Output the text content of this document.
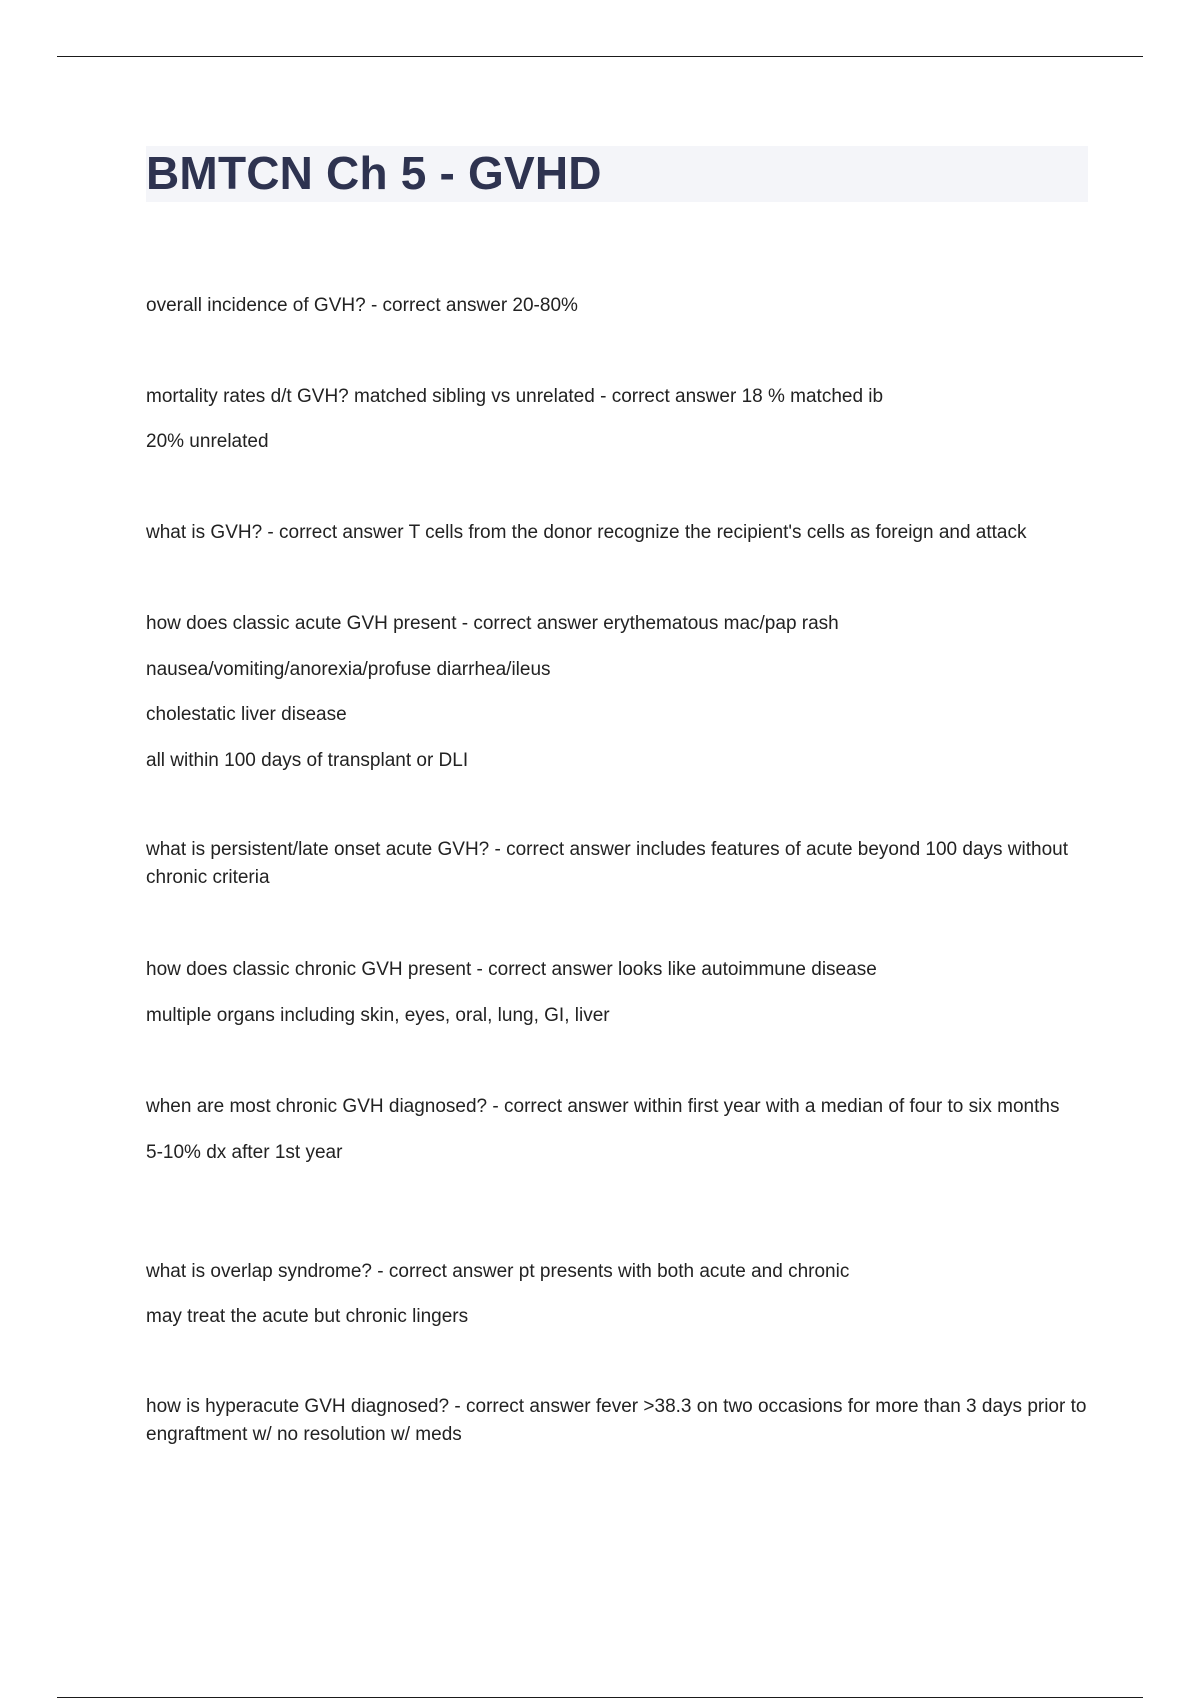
BMTCN Ch 5 - GVHD
overall incidence of GVH? - correct answer 20-80%
mortality rates d/t GVH? matched sibling vs unrelated - correct answer 18 % matched ib
20% unrelated
what is GVH? - correct answer T cells from the donor recognize the recipient's cells as foreign and attack
how does classic acute GVH present - correct answer erythematous mac/pap rash
nausea/vomiting/anorexia/profuse diarrhea/ileus
cholestatic liver disease
all within 100 days of transplant or DLI
what is persistent/late onset acute GVH? - correct answer includes features of acute beyond 100 days without chronic criteria
how does classic chronic GVH present - correct answer looks like autoimmune disease
multiple organs including skin, eyes, oral, lung, GI, liver
when are most chronic GVH diagnosed? - correct answer within first year with a median of four to six months
5-10% dx after 1st year
what is overlap syndrome? - correct answer pt presents with both acute and chronic
may treat the acute but chronic lingers
how is hyperacute GVH diagnosed? - correct answer fever >38.3 on two occasions for more than 3 days prior to engraftment w/ no resolution w/ meds
